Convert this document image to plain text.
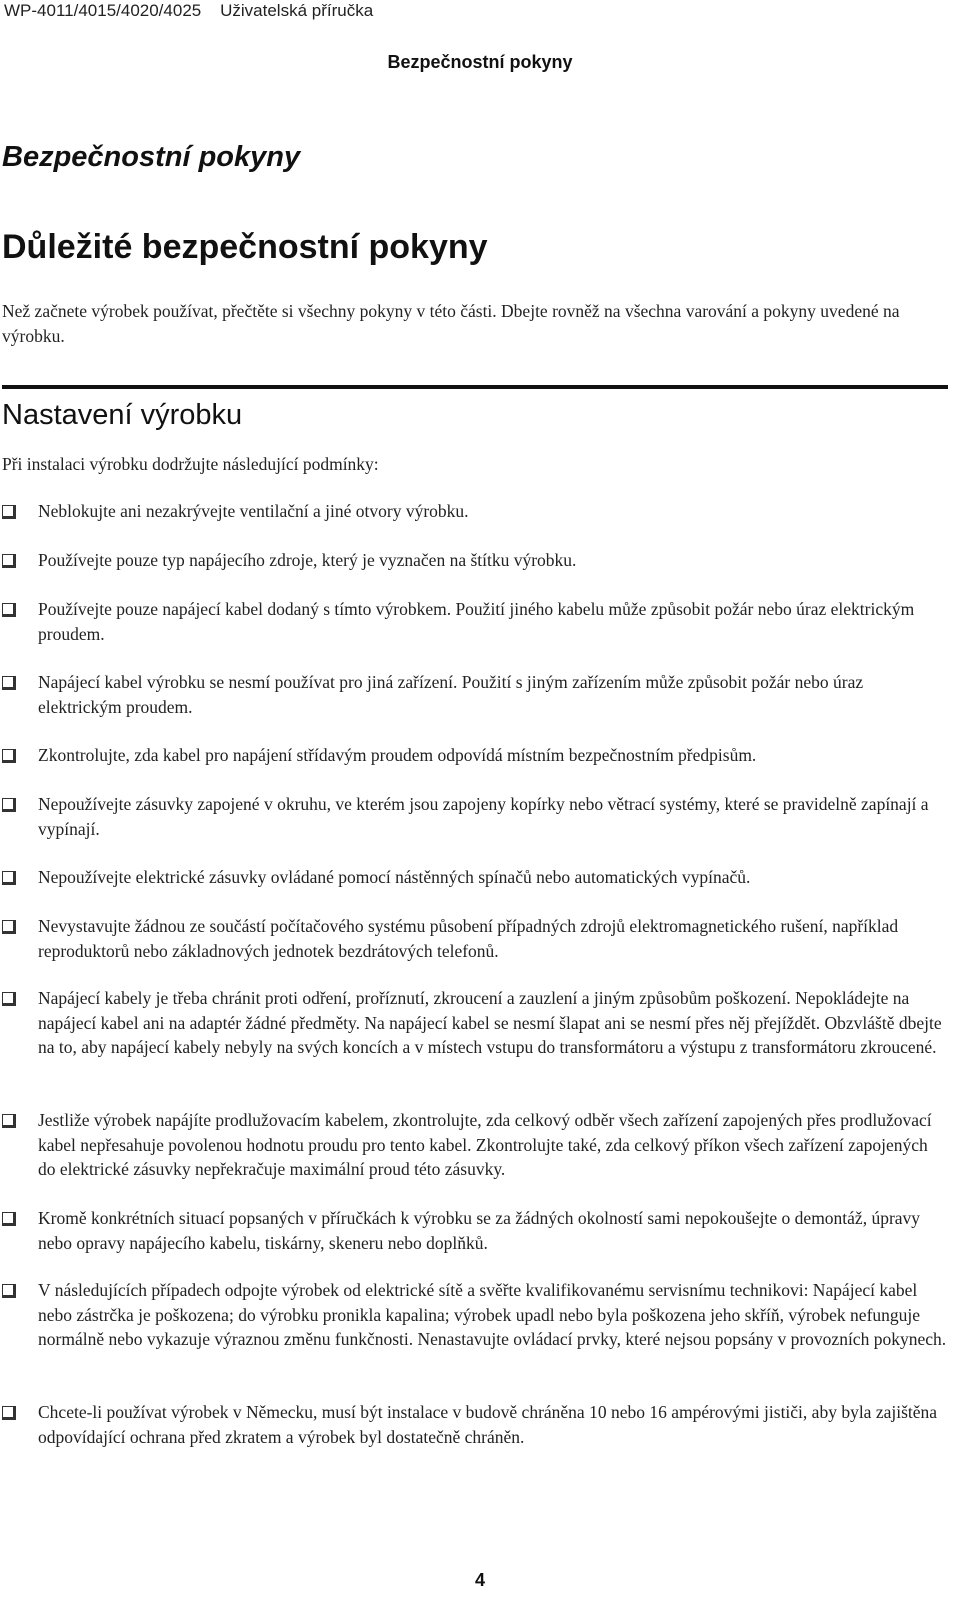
WP-4011/4015/4020/4025    Uživatelská příručka
Bezpečnostní pokyny
Bezpečnostní pokyny
Důležité bezpečnostní pokyny
Než začnete výrobek používat, přečtěte si všechny pokyny v této části. Dbejte rovněž na všechna varování a pokyny uvedené na výrobku.
Nastavení výrobku
Při instalaci výrobku dodržujte následující podmínky:
Neblokujte ani nezakrývejte ventilační a jiné otvory výrobku.
Používejte pouze typ napájecího zdroje, který je vyznačen na štítku výrobku.
Používejte pouze napájecí kabel dodaný s tímto výrobkem. Použití jiného kabelu může způsobit požár nebo úraz elektrickým proudem.
Napájecí kabel výrobku se nesmí používat pro jiná zařízení. Použití s jiným zařízením může způsobit požár nebo úraz elektrickým proudem.
Zkontrolujte, zda kabel pro napájení střídavým proudem odpovídá místním bezpečnostním předpisům.
Nepoužívejte zásuvky zapojené v okruhu, ve kterém jsou zapojeny kopírky nebo větrací systémy, které se pravidelně zapínají a vypínají.
Nepoužívejte elektrické zásuvky ovládané pomocí nástěnných spínačů nebo automatických vypínačů.
Nevystavujte žádnou ze součástí počítačového systému působení případných zdrojů elektromagnetického rušení, například reproduktorů nebo základnových jednotek bezdrátových telefonů.
Napájecí kabely je třeba chránit proti odření, proříznutí, zkroucení a zauzlení a jiným způsobům poškození. Nepokládejte na napájecí kabel ani na adaptér žádné předměty. Na napájecí kabel se nesmí šlapat ani se nesmí přes něj přejíždět. Obzvláště dbejte na to, aby napájecí kabely nebyly na svých koncích a v místech vstupu do transformátoru a výstupu z transformátoru zkroucené.
Jestliže výrobek napájíte prodlužovacím kabelem, zkontrolujte, zda celkový odběr všech zařízení zapojených přes prodlužovací kabel nepřesahuje povolenou hodnotu proudu pro tento kabel. Zkontrolujte také, zda celkový příkon všech zařízení zapojených do elektrické zásuvky nepřekračuje maximální proud této zásuvky.
Kromě konkrétních situací popsaných v příručkách k výrobku se za žádných okolností sami nepokoušejte o demontáž, úpravy nebo opravy napájecího kabelu, tiskárny, skeneru nebo doplňků.
V následujících případech odpojte výrobek od elektrické sítě a svěřte kvalifikovanému servisnímu technikovi: Napájecí kabel nebo zástrčka je poškozena; do výrobku pronikla kapalina; výrobek upadl nebo byla poškozena jeho skříň, výrobek nefunguje normálně nebo vykazuje výraznou změnu funkčnosti. Nenastavujte ovládací prvky, které nejsou popsány v provozních pokynech.
Chcete-li používat výrobek v Německu, musí být instalace v budově chráněna 10 nebo 16 ampérovými jističi, aby byla zajištěna odpovídající ochrana před zkratem a výrobek byl dostatečně chráněn.
4
